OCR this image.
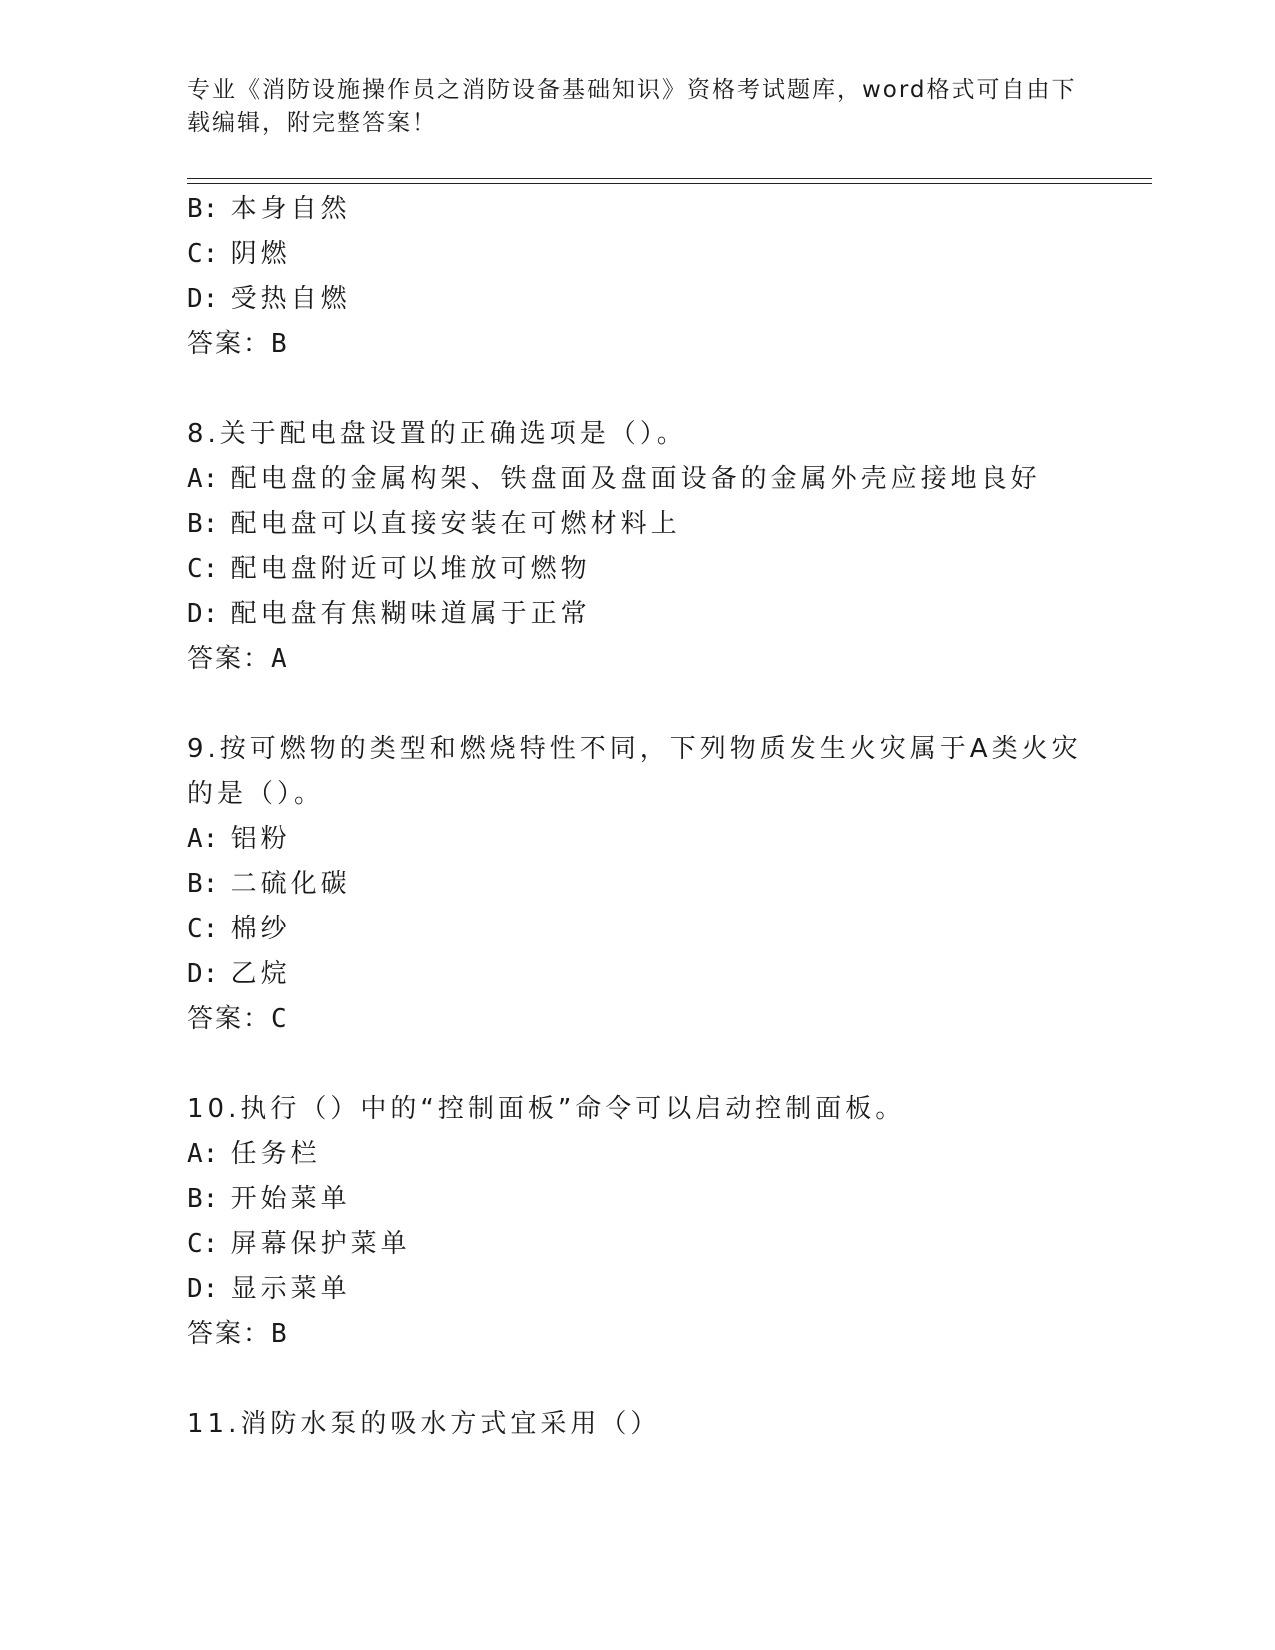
专业《消防设施操作员之消防设备基础知识》资格考试题库，word格式可自由下
载编辑，附完整答案！
B: 本身自然
C: 阴燃
D: 受热自燃
答案：B
8.关于配电盘设置的正确选项是（）。
A: 配电盘的金属构架、铁盘面及盘面设备的金属外壳应接地良好
B: 配电盘可以直接安装在可燃材料上
C: 配电盘附近可以堆放可燃物
D: 配电盘有焦糊味道属于正常
答案：A
9.按可燃物的类型和燃烧特性不同，下列物质发生火灾属于A类火灾
的是（）。
A: 铝粉
B: 二硫化碳
C: 棉纱
D: 乙烷
答案：C
10.执行（）中的“控制面板”命令可以启动控制面板。
A: 任务栏
B: 开始菜单
C: 屏幕保护菜单
D: 显示菜单
答案：B
11.消防水泵的吸水方式宜采用（）
